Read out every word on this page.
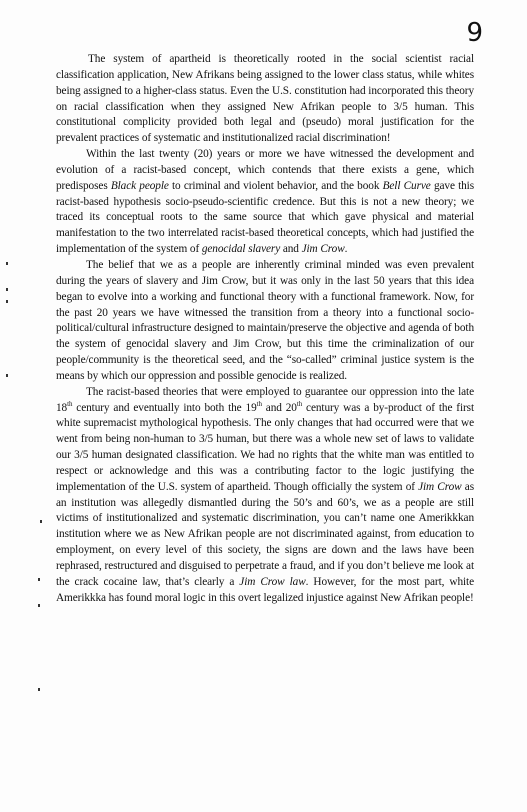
9

The system of apartheid is theoretically rooted in the social scientist racial classification application, New Afrikans being assigned to the lower class status, while whites being assigned to a higher-class status. Even the U.S. constitution had incorporated this theory on racial classification when they assigned New Afrikan people to 3/5 human. This constitutional complicity provided both legal and (pseudo) moral justification for the prevalent practices of systematic and institutionalized racial discrimination!

Within the last twenty (20) years or more we have witnessed the development and evolution of a racist-based concept, which contends that there exists a gene, which predisposes Black people to criminal and violent behavior, and the book Bell Curve gave this racist-based hypothesis socio-pseudo-scientific credence. But this is not a new theory; we traced its conceptual roots to the same source that which gave physical and material manifestation to the two interrelated racist-based theoretical concepts, which had justified the implementation of the system of genocidal slavery and Jim Crow.

The belief that we as a people are inherently criminal minded was even prevalent during the years of slavery and Jim Crow, but it was only in the last 50 years that this idea began to evolve into a working and functional theory with a functional framework. Now, for the past 20 years we have witnessed the transition from a theory into a functional socio-political/cultural infrastructure designed to maintain/preserve the objective and agenda of both the system of genocidal slavery and Jim Crow, but this time the criminalization of our people/community is the theoretical seed, and the “so-called” criminal justice system is the means by which our oppression and possible genocide is realized.

The racist-based theories that were employed to guarantee our oppression into the late 18th century and eventually into both the 19th and 20th century was a by-product of the first white supremacist mythological hypothesis. The only changes that had occurred were that we went from being non-human to 3/5 human, but there was a whole new set of laws to validate our 3/5 human designated classification. We had no rights that the white man was entitled to respect or acknowledge and this was a contributing factor to the logic justifying the implementation of the U.S. system of apartheid. Though officially the system of Jim Crow as an institution was allegedly dismantled during the 50’s and 60’s, we as a people are still victims of institutionalized and systematic discrimination, you can’t name one Amerikkkan institution where we as New Afrikan people are not discriminated against, from education to employment, on every level of this society, the signs are down and the laws have been rephrased, restructured and disguised to perpetrate a fraud, and if you don’t believe me look at the crack cocaine law, that’s clearly a Jim Crow law. However, for the most part, white Amerikkka has found moral logic in this overt legalized injustice against New Afrikan people!
